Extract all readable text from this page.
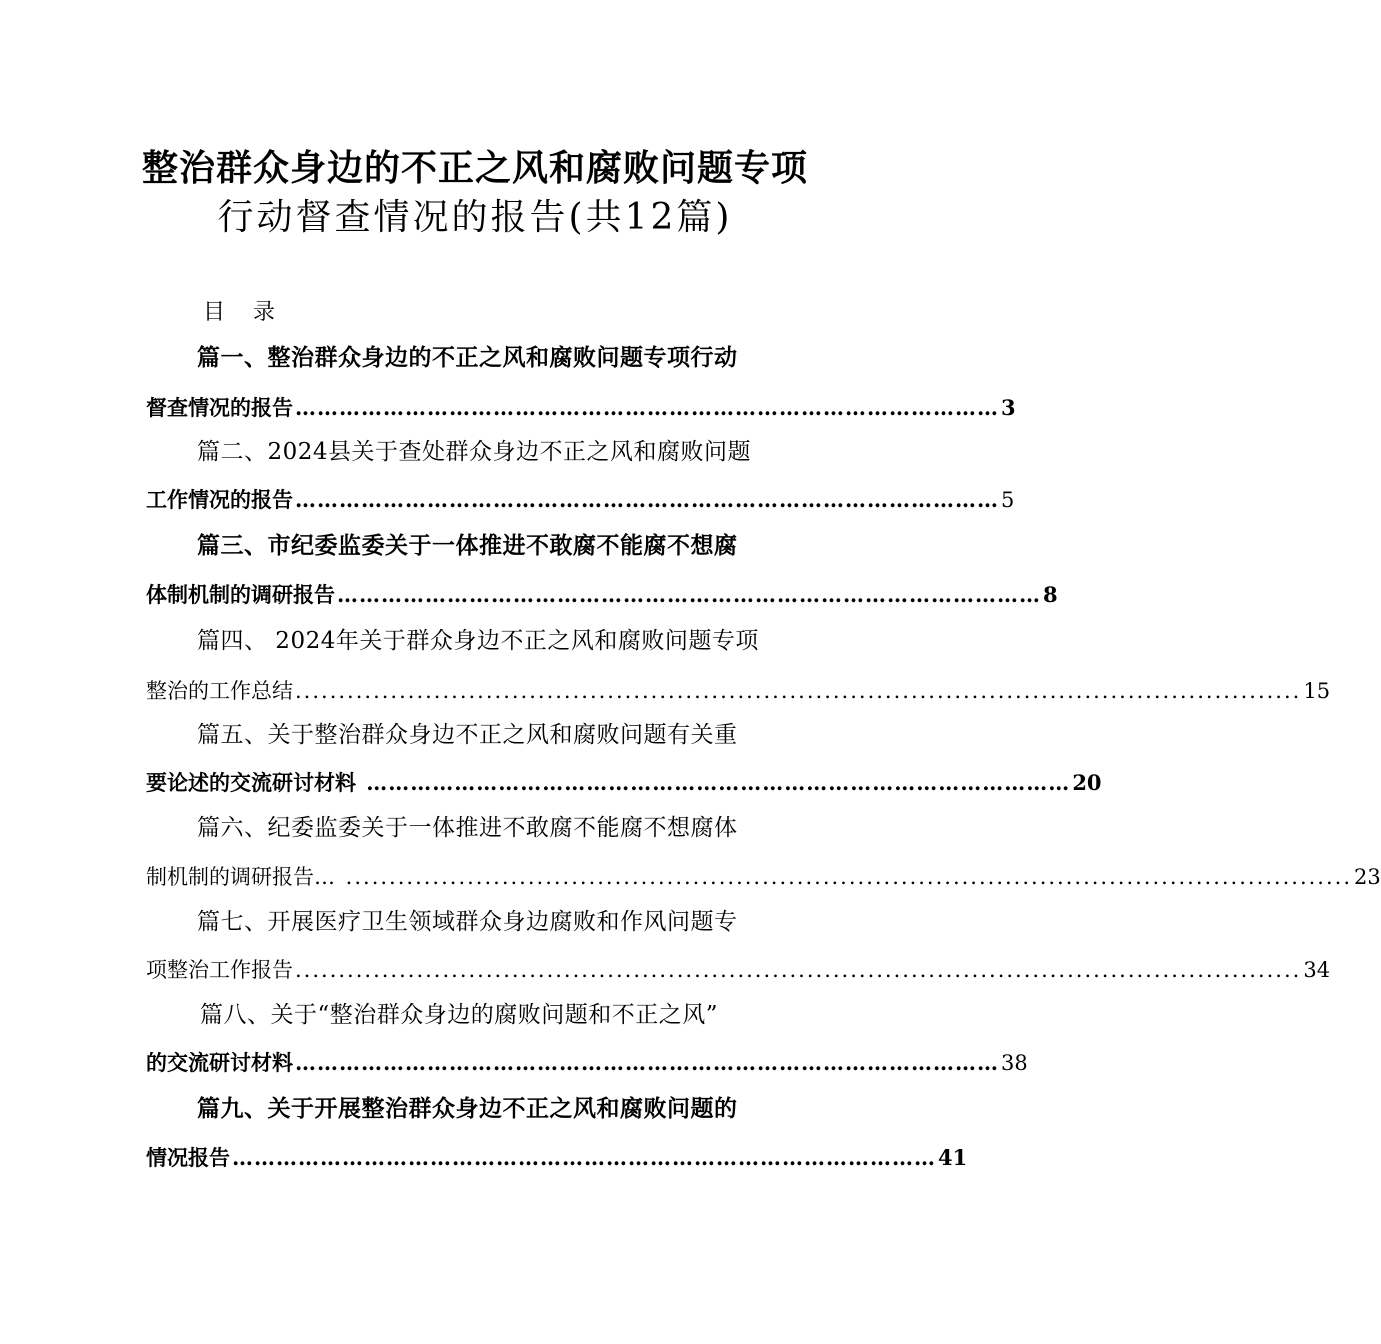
整治群众身边的不正之风和腐败问题专项
行动督查情况的报告(共12篇)
目    录
篇一、整治群众身边的不正之风和腐败问题专项行动
督查情况的报告 …………………………………………………………………………………… 3
篇二、2024县关于查处群众身边不正之风和腐败问题
工作情况的报告 …………………………………………………………………………………… 5
篇三、市纪委监委关于一体推进不敢腐不能腐不想腐
体制机制的调研报告 …………………………………………………………………………………… 8
篇四、 2024年关于群众身边不正之风和腐败问题专项
整治的工作总结 .................................................................................................................... 15
篇五、关于整治群众身边不正之风和腐败问题有关重
要论述的交流研讨材料 …………………………………………………………………………………… 20
篇六、纪委监委关于一体推进不敢腐不能腐不想腐体
制机制的调研报告… .................................................................................................................... 23
篇七、开展医疗卫生领域群众身边腐败和作风问题专
项整治工作报告 .................................................................................................................... 34
篇八、关于“整治群众身边的腐败问题和不正之风”
的交流研讨材料 …………………………………………………………………………………… 38
篇九、关于开展整治群众身边不正之风和腐败问题的
情况报告 …………………………………………………………………………………… 41
